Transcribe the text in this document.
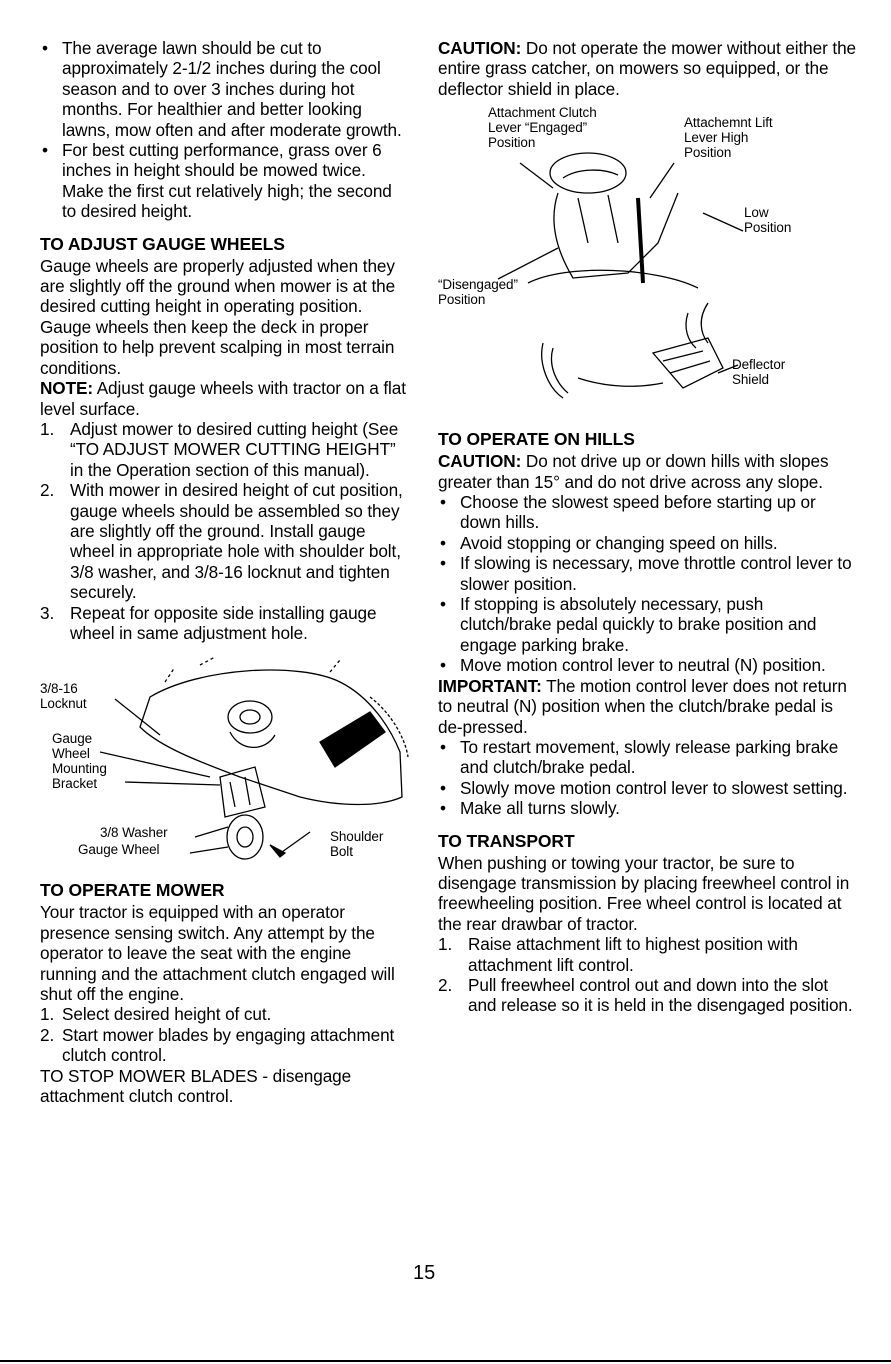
• The average lawn should be cut to approximately 2-1/2 inches during the cool season and to over 3 inches during hot months. For healthier and better looking lawns, mow often and after moderate growth.

• For best cutting performance, grass over 6 inches in height should be mowed twice. Make the first cut relatively high; the second to desired height.

TO ADJUST GAUGE WHEELS

Gauge wheels are properly adjusted when they are slightly off the ground when mower is at the desired cutting height in operating position. Gauge wheels then keep the deck in proper position to help prevent scalping in most terrain conditions.

NOTE: Adjust gauge wheels with tractor on a flat level surface.

1. Adjust mower to desired cutting height (See “TO ADJUST MOWER CUTTING HEIGHT” in the Operation section of this manual).

2. With mower in desired height of cut position, gauge wheels should be assembled so they are slightly off the ground. Install gauge wheel in appropriate hole with shoulder bolt, 3/8 washer, and 3/8-16 locknut and tighten securely.

3. Repeat for opposite side installing gauge wheel in same adjustment hole.

3/8-16
Locknut
Gauge
Wheel
Mounting
Bracket
3/8 Washer
Gauge Wheel
Shoulder
Bolt
TO OPERATE MOWER

Your tractor is equipped with an operator presence sensing switch. Any attempt by the operator to leave the seat with the engine running and the attachment clutch engaged will shut off the engine.

1. Select desired height of cut.

2. Start mower blades by engaging attachment clutch control.

TO STOP MOWER BLADES - disengage attachment clutch control.

CAUTION: Do not operate the mower without either the entire grass catcher, on mowers so equipped, or the deflector shield in place.

Attachment Clutch
Lever “Engaged”
Position
Attachemnt Lift
Lever High
Position
Low
Position
“Disengaged”
Position
Deflector
Shield
TO OPERATE ON HILLS

CAUTION: Do not drive up or down hills with slopes greater than 15° and do not drive across any slope.

• Choose the slowest speed before starting up or down hills.

• Avoid stopping or changing speed on hills.

• If slowing is necessary, move throttle control lever to slower position.

• If stopping is absolutely necessary, push clutch/brake pedal quickly to brake position and engage parking brake.

• Move motion control lever to neutral (N) position.

IMPORTANT: The motion control lever does not return to neutral (N) position when the clutch/brake pedal is de-pressed.

• To restart movement, slowly release parking brake and clutch/brake pedal.

• Slowly move motion control lever to slowest setting.

• Make all turns slowly.

TO TRANSPORT

When pushing or towing your tractor, be sure to disengage transmission by placing freewheel control in freewheeling position. Free wheel control is located at the rear drawbar of tractor.

1. Raise attachment lift to highest position with attachment lift control.

2. Pull freewheel control out and down into the slot and release so it is held in the disengaged position.

15
